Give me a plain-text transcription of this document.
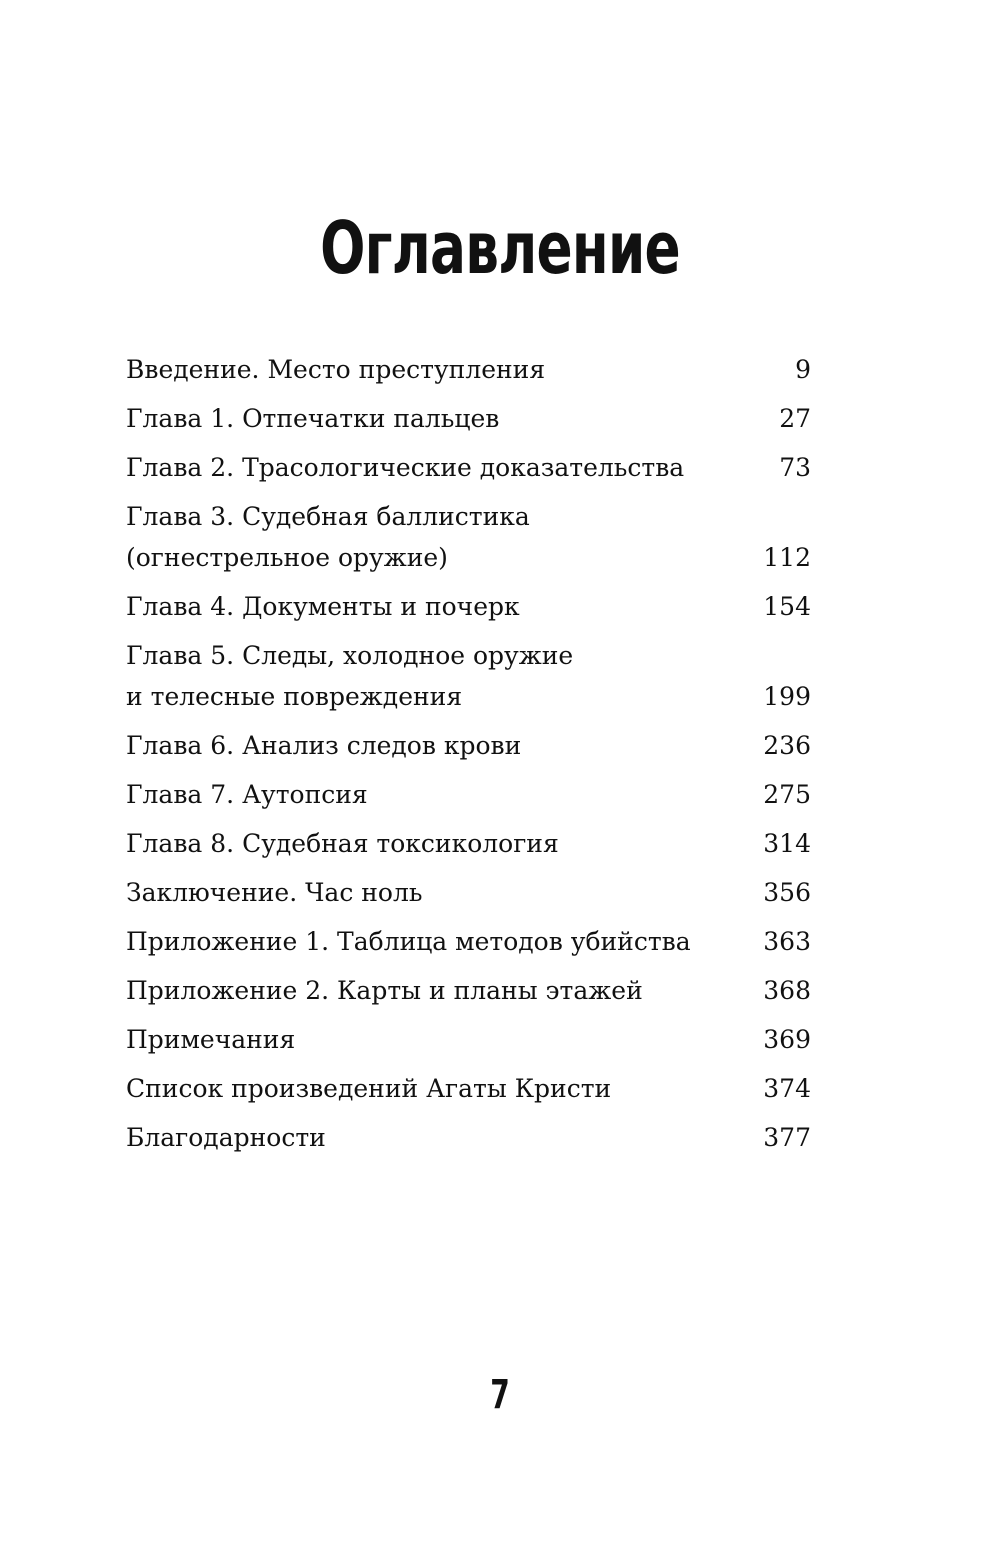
Оглавление
Введение. Место преступления	9
Глава 1. Отпечатки пальцев	27
Глава 2. Трасологические доказательства	73
Глава 3. Судебная баллистика
(огнестрельное оружие)	112
Глава 4. Документы и почерк	154
Глава 5. Следы, холодное оружие
и телесные повреждения	199
Глава 6. Анализ следов крови	236
Глава 7. Аутопсия	275
Глава 8. Судебная токсикология	314
Заключение. Час ноль	356
Приложение 1. Таблица методов убийства	363
Приложение 2. Карты и планы этажей	368
Примечания	369
Список произведений Агаты Кристи	374
Благодарности	377
7
